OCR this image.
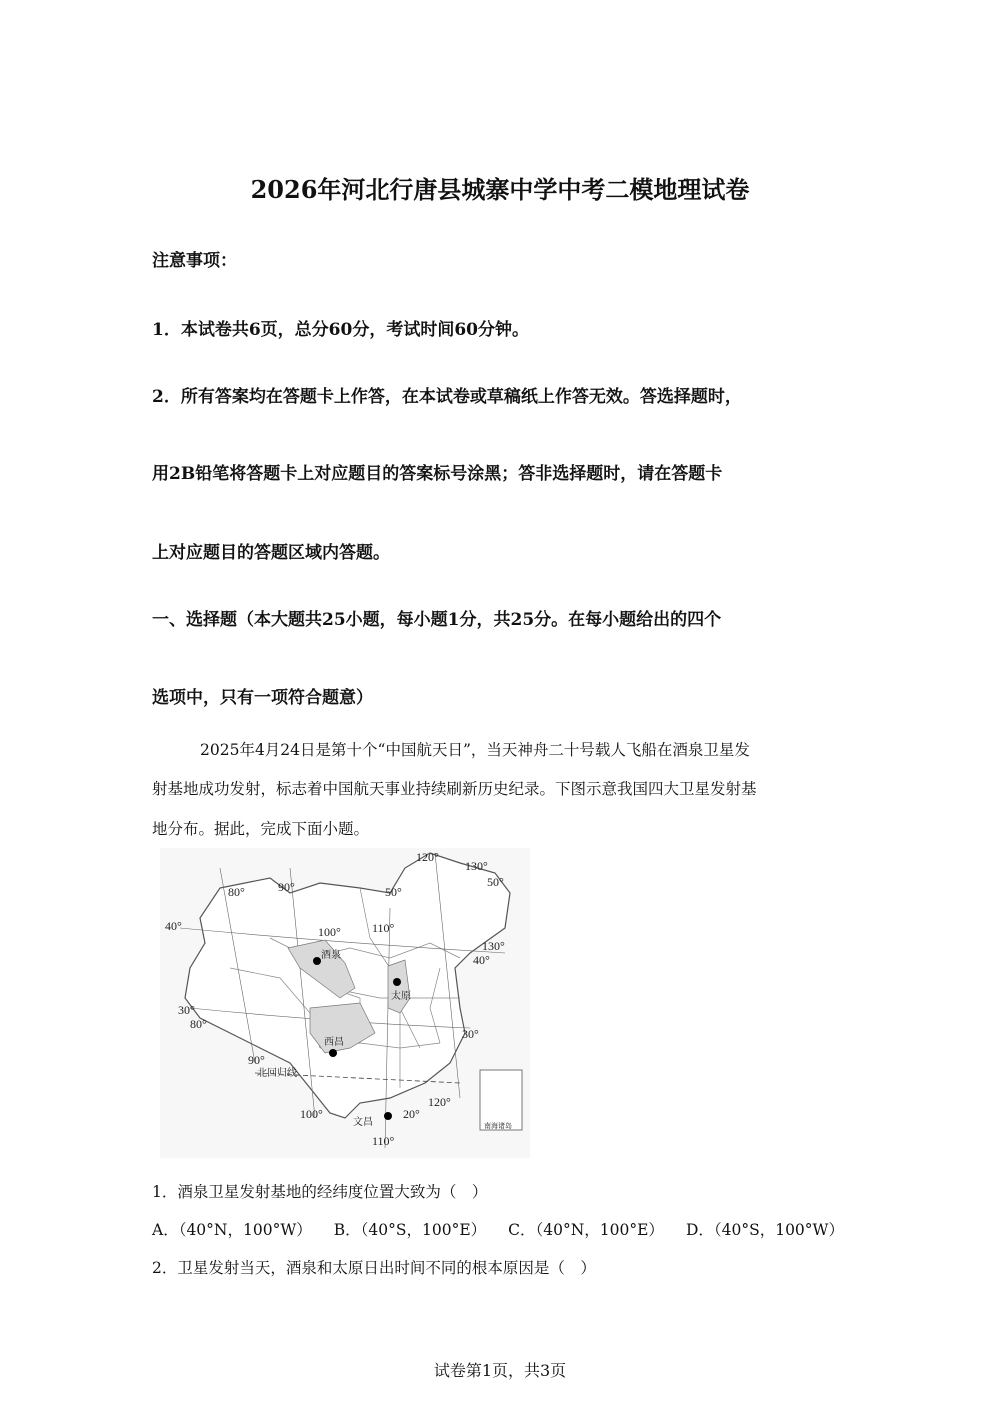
2026年河北行唐县城寨中学中考二模地理试卷
注意事项：
1．本试卷共6页，总分60分，考试时间60分钟。
2．所有答案均在答题卡上作答，在本试卷或草稿纸上作答无效。答选择题时，
用2B铅笔将答题卡上对应题目的答案标号涂黑；答非选择题时，请在答题卡
上对应题目的答题区域内答题。
一、选择题（本大题共25小题，每小题1分，共25分。在每小题给出的四个
选项中，只有一项符合题意）
2025年4月24日是第十个“中国航天日”，当天神舟二十号载人飞船在酒泉卫星发
射基地成功发射，标志着中国航天事业持续刷新历史纪录。下图示意我国四大卫星发射基
地分布。据此，完成下面小题。
80°	90°
100°	110°
120°
130°
50°
50°
40°
130°
40°
30°
80°
30°
90°
120°
100°	20°
110°
酒泉
太原
西昌
文昌
北回归线
南海诸岛
1．酒泉卫星发射基地的经纬度位置大致为（　）
A．（40°N，100°W） B．（40°S，100°E） C．（40°N，100°E） D．（40°S，100°W）
2．卫星发射当天，酒泉和太原日出时间不同的根本原因是（　）
试卷第1页，共3页
